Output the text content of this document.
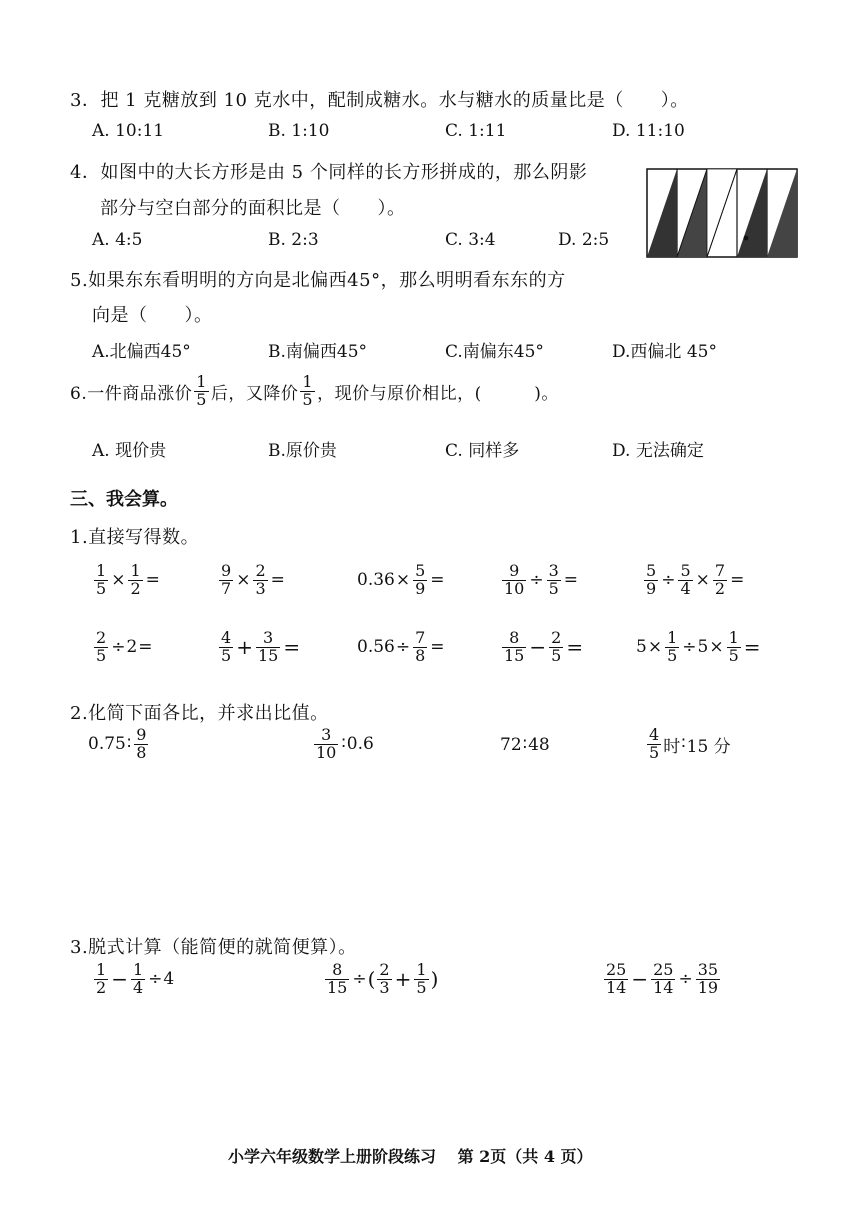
3．把 1 克糖放到 10 克水中，配制成糖水。水与糖水的质量比是（　　）。
A. 10:11	B. 1:10	C. 1:11	D. 11:10
4．如图中的大长方形是由 5 个同样的长方形拼成的，那么阴影
部分与空白部分的面积比是（　　）。
A. 4:5	B. 2:3	C. 3:4	D. 2:5
5.如果东东看明明的方向是北偏西45°，那么明明看东东的方
向是（　　）。
A.北偏西45°	B.南偏西45°	C.南偏东45°	D.西偏北 45°
6.一件商品涨价 $\frac{1}{5}$ 后，又降价 $\frac{1}{5}$ ，现价与原价相比，(　　　)。
A. 现价贵	B.原价贵	C. 同样多	D. 无法确定
三、我会算。
1.直接写得数。
$\frac{1}{5} \times \frac{1}{2}$ =	$\frac{9}{7} \times \frac{2}{3}$ =	$0.36 \times \frac{5}{9}$ =	$\frac{9}{10} \div \frac{3}{5}$ =	$\frac{5}{9} \div \frac{5}{4} \times \frac{7}{2}$ =
$\frac{2}{5} \div 2$ =	$\frac{4}{5} + \frac{3}{15}$ =	$0.56 \div \frac{7}{8}$ =	$\frac{8}{15} - \frac{2}{5}$ =	$5 \times \frac{1}{5} \div 5 \times \frac{1}{5}$ =
2.化简下面各比，并求出比值。
0.75 ∶ $\frac{9}{8}$	$\frac{3}{10}$ ∶ 0.6	72 ∶ 48	$\frac{4}{5}$ 时 ∶ 15 分
3.脱式计算（能简便的就简便算）。
$\frac{1}{2} - \frac{1}{4} \div 4$	$\frac{8}{15}$ ÷ ( $\frac{2}{3} + \frac{1}{5}$ )	$\frac{25}{14} - \frac{25}{14} \div \frac{35}{19}$
小学六年级数学上册阶段练习　 第 2页（共 4 页）
